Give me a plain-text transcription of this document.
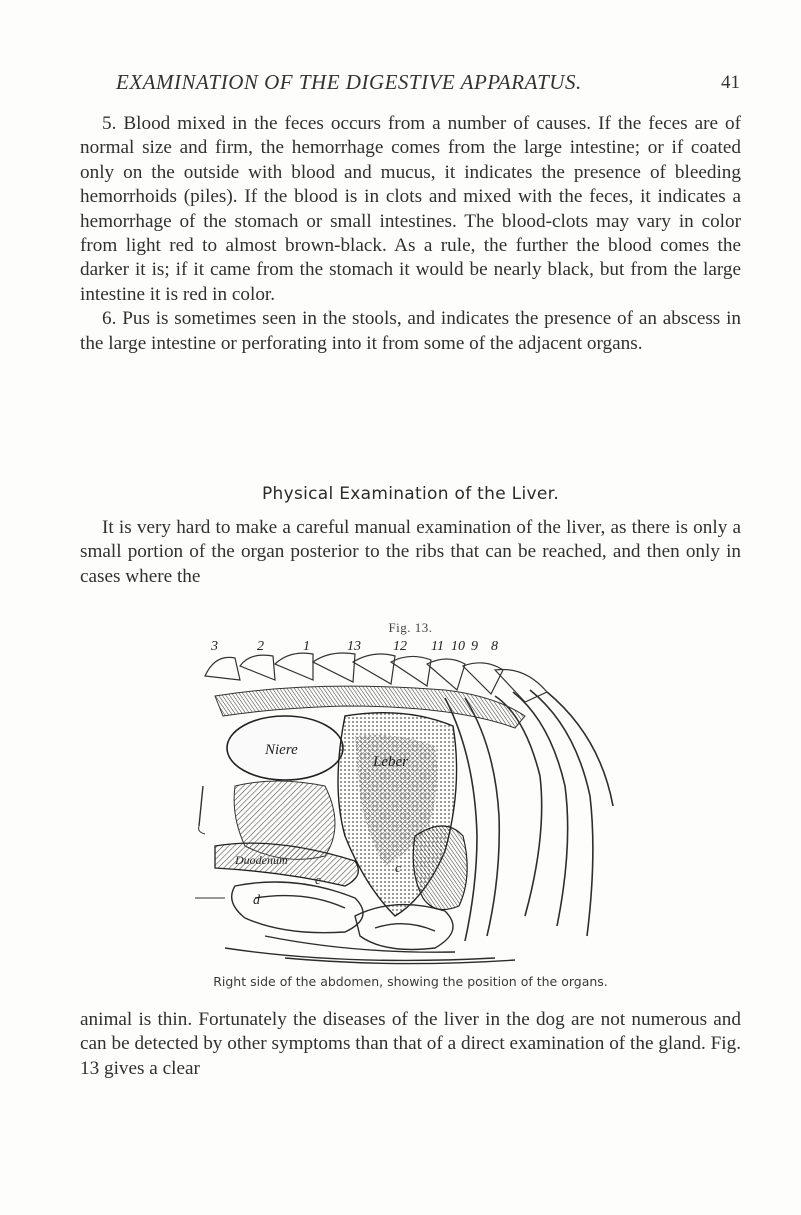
EXAMINATION OF THE DIGESTIVE APPARATUS.	41

5. Blood mixed in the feces occurs from a number of causes. If the feces are of normal size and firm, the hemorrhage comes from the large intestine; or if coated only on the outside with blood and mucus, it indicates the presence of bleeding hemorrhoids (piles). If the blood is in clots and mixed with the feces, it indicates a hemorrhage of the stomach or small intestines. The blood-clots may vary in color from light red to almost brown-black. As a rule, the further the blood comes the darker it is; if it came from the stomach it would be nearly black, but from the large intestine it is red in color.

6. Pus is sometimes seen in the stools, and indicates the presence of an abscess in the large intestine or perforating into it from some of the adjacent organs.

Physical Examination of the Liver.

It is very hard to make a careful manual examination of the liver, as there is only a small portion of the organ posterior to the ribs that can be reached, and then only in cases where the

Fig. 13.
3	2	1	13 12 11 10 9 8
Niere
Leber
Duodenum
c
d
c
Right side of the abdomen, showing the position of the organs.

animal is thin. Fortunately the diseases of the liver in the dog are not numerous and can be detected by other symptoms than that of a direct examination of the gland. Fig. 13 gives a clear
